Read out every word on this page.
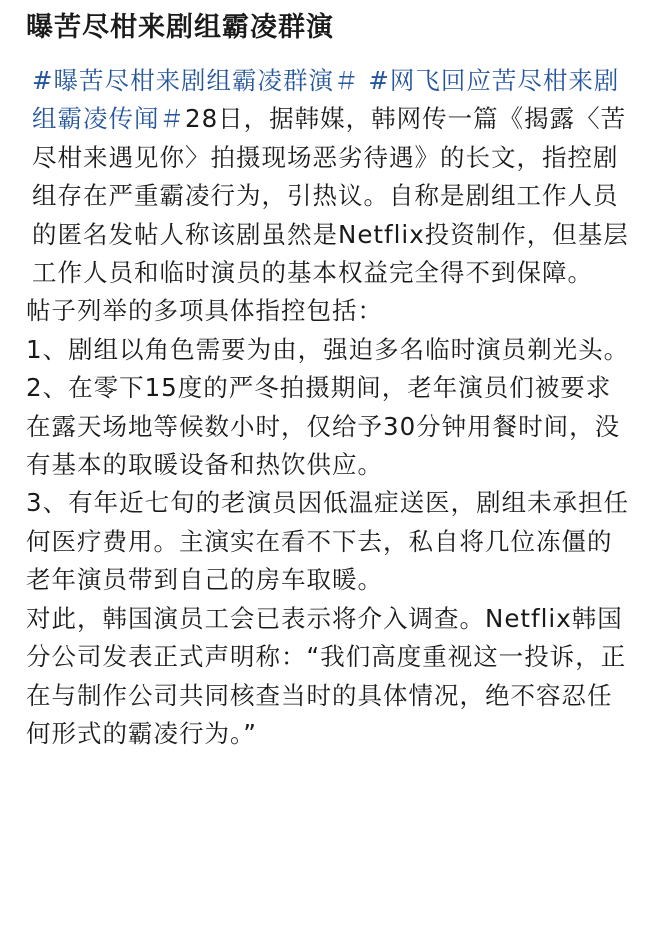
曝苦尽柑来剧组霸凌群演

#曝苦尽柑来剧组霸凌群演＃ #网飞回应苦尽柑来剧组霸凌传闻＃28日，据韩媒，韩网传一篇《揭露〈苦尽柑来遇见你〉拍摄现场恶劣待遇》的长文，指控剧组存在严重霸凌行为，引热议。自称是剧组工作人员的匿名发帖人称该剧虽然是Netflix投资制作，但基层工作人员和临时演员的基本权益完全得不到保障。

帖子列举的多项具体指控包括：

1、剧组以角色需要为由，强迫多名临时演员剃光头。

2、在零下15度的严冬拍摄期间，老年演员们被要求在露天场地等候数小时，仅给予30分钟用餐时间，没有基本的取暖设备和热饮供应。

3、有年近七旬的老演员因低温症送医，剧组未承担任何医疗费用。主演实在看不下去，私自将几位冻僵的老年演员带到自己的房车取暖。

对此，韩国演员工会已表示将介入调查。Netflix韩国分公司发表正式声明称：“我们高度重视这一投诉，正在与制作公司共同核查当时的具体情况，绝不容忍任何形式的霸凌行为。”
